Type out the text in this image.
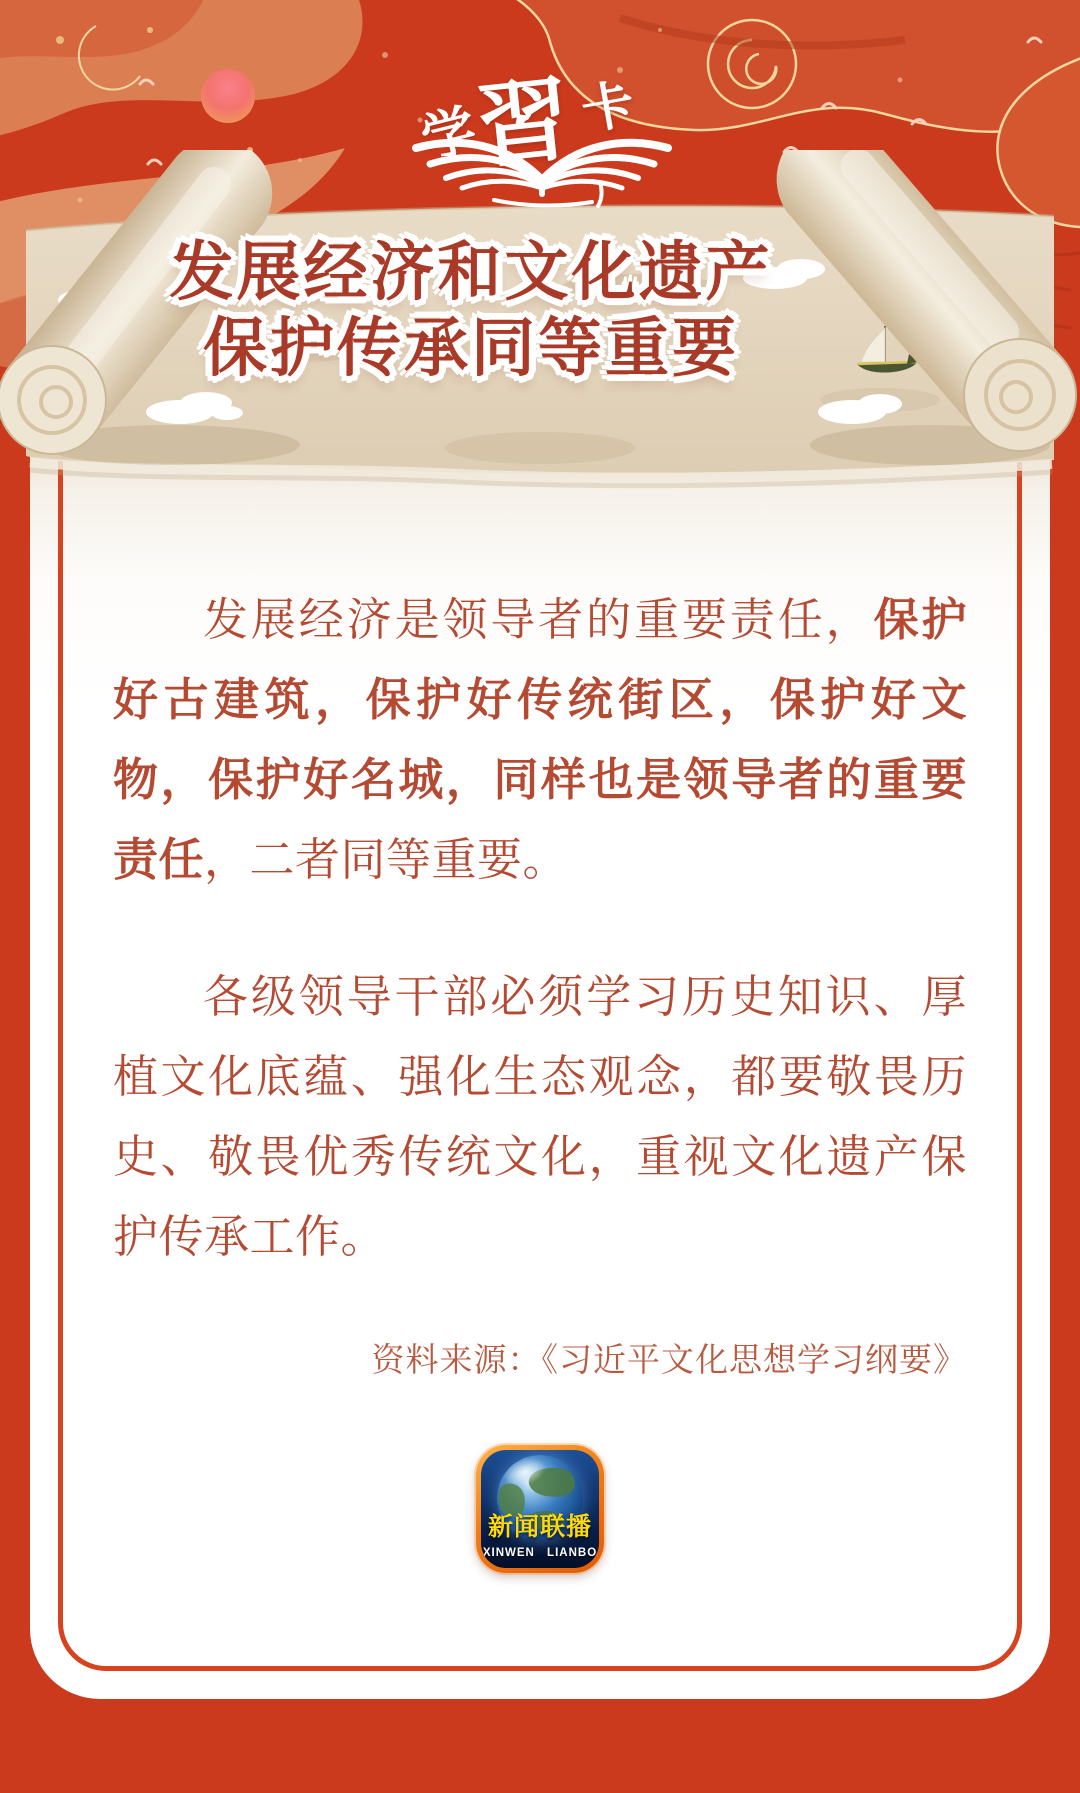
学
習 卡

发展经济是领导者的重要责任，保护好古建筑，保护好传统街区，保护好文物，保护好名城，同样也是领导者的重要责任，二者同等重要。

各级领导干部必须学习历史知识、厚植文化底蕴、强化生态观念，都要敬畏历史、敬畏优秀传统文化，重视文化遗产保护传承工作。

资料来源：《习近平文化思想学习纲要》
新闻联播
XINWEN LIANBO
发展经济和文化遗产
保护传承同等重要
